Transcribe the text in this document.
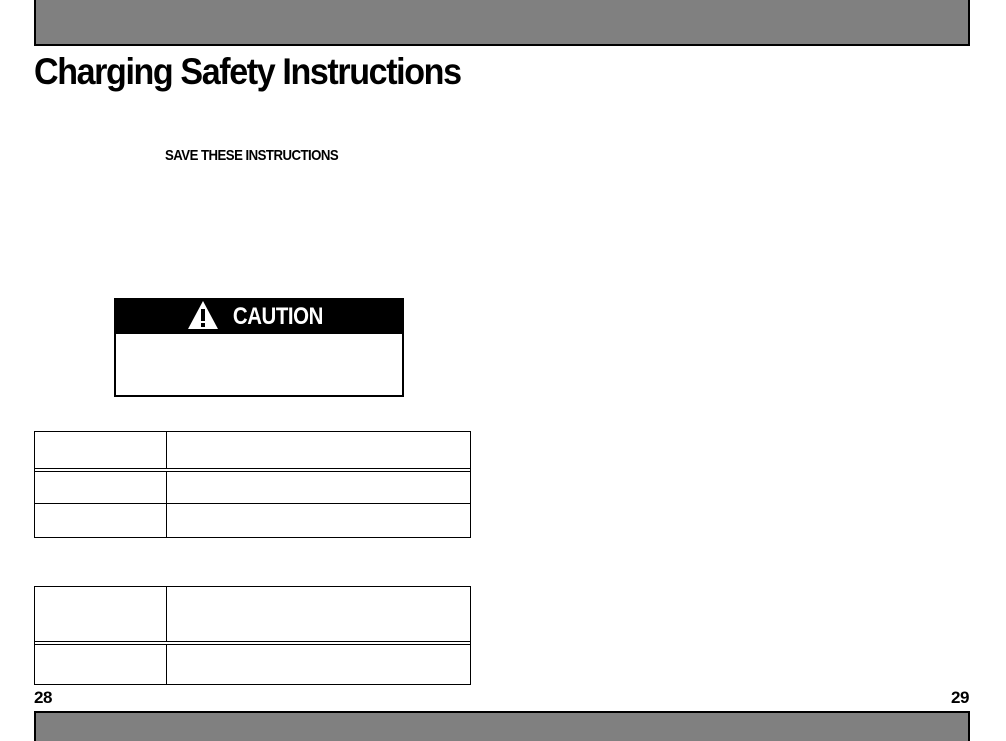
Charging Safety Instructions
SAVE THESE INSTRUCTIONS
CAUTION
28	29
